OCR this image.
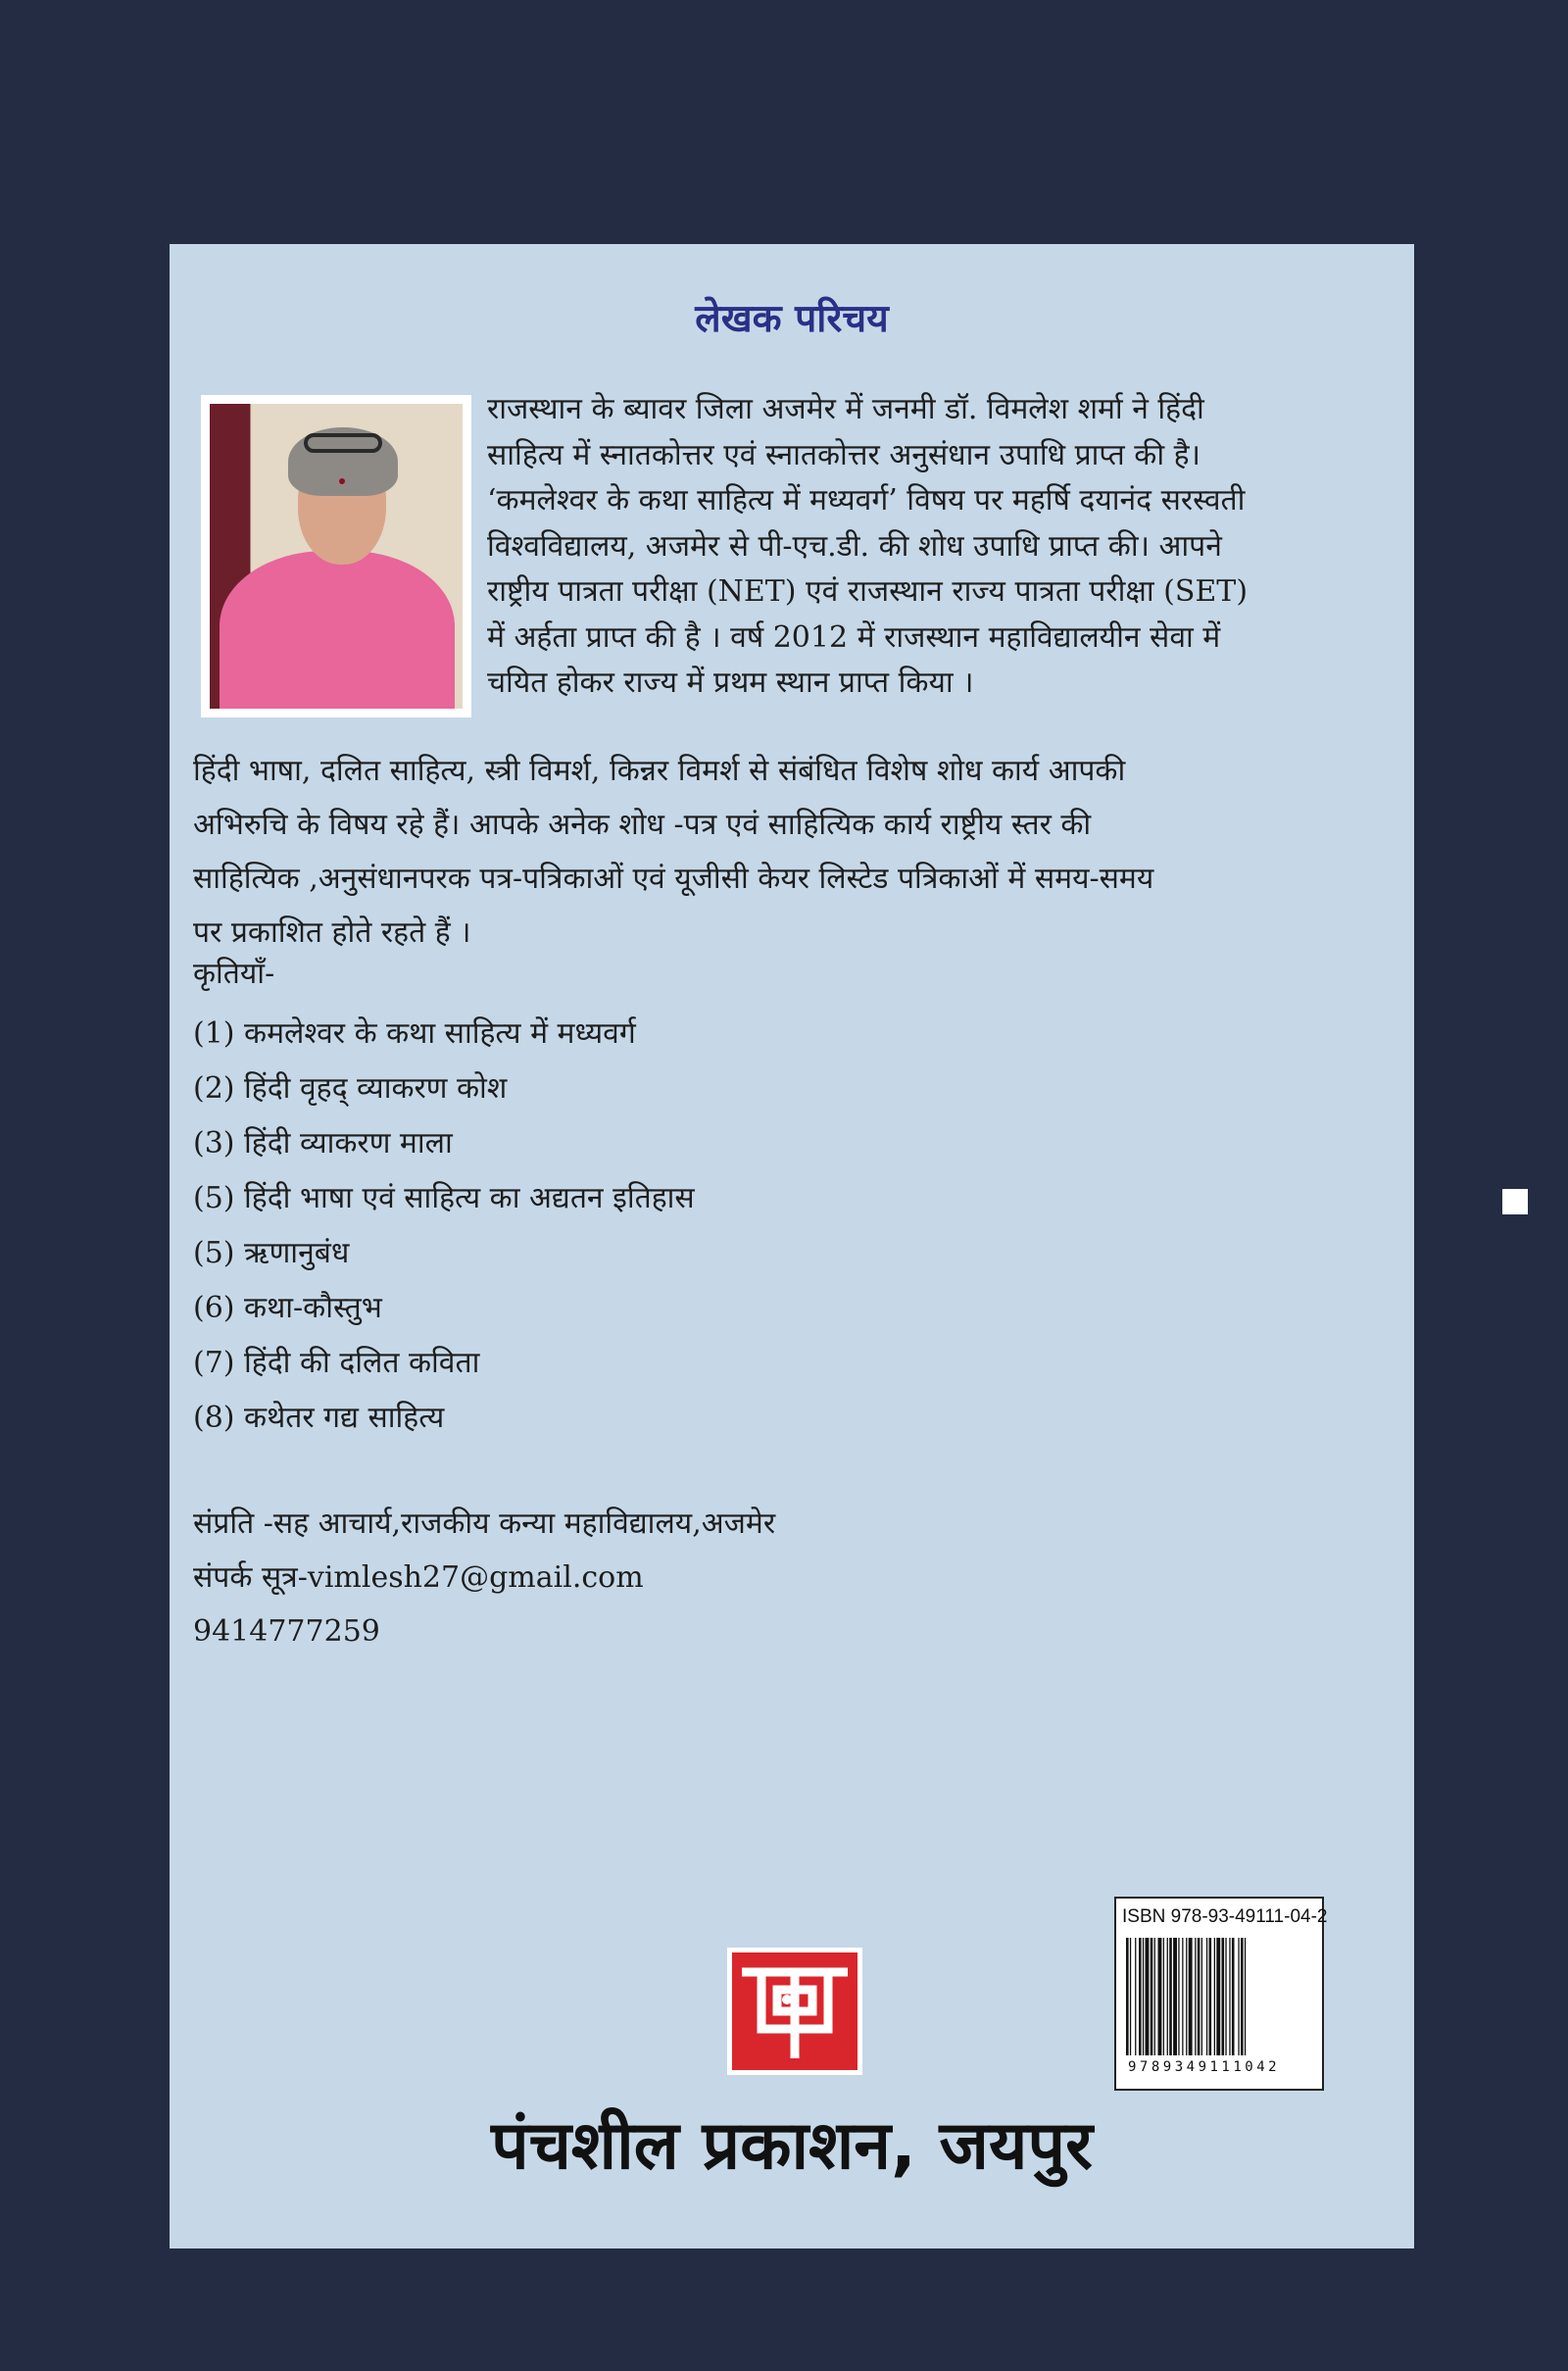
लेखक परिचय
राजस्थान के ब्यावर जिला अजमेर में जनमी डॉ. विमलेश शर्मा ने हिंदी
साहित्य में स्नातकोत्तर एवं स्नातकोत्तर अनुसंधान उपाधि प्राप्त की है।
‘कमलेश्वर के कथा साहित्य में मध्यवर्ग’ विषय पर महर्षि दयानंद सरस्वती
विश्वविद्यालय, अजमेर से पी-एच.डी. की शोध उपाधि प्राप्त की। आपने
राष्ट्रीय पात्रता परीक्षा (NET) एवं राजस्थान राज्य पात्रता परीक्षा (SET)
में अर्हता प्राप्त की है । वर्ष 2012 में राजस्थान महाविद्यालयीन सेवा में
चयित होकर राज्य में प्रथम स्थान प्राप्त किया ।
हिंदी भाषा, दलित साहित्य, स्त्री विमर्श, किन्नर विमर्श से संबंधित विशेष शोध कार्य आपकी
अभिरुचि के विषय रहे हैं। आपके अनेक शोध -पत्र एवं साहित्यिक कार्य राष्ट्रीय स्तर की
साहित्यिक ,अनुसंधानपरक पत्र-पत्रिकाओं एवं यूजीसी केयर लिस्टेड पत्रिकाओं में समय-समय
पर प्रकाशित होते रहते हैं ।
कृतियाँ-
(1) कमलेश्वर के कथा साहित्य में मध्यवर्ग
(2) हिंदी वृहद् व्याकरण कोश
(3) हिंदी व्याकरण माला
(5) हिंदी भाषा एवं साहित्य का अद्यतन इतिहास
(5) ऋणानुबंध
(6) कथा-कौस्तुभ
(7) हिंदी की दलित कविता
(8) कथेतर गद्य साहित्य
संप्रति -सह आचार्य,राजकीय कन्या महाविद्यालय,अजमेर
संपर्क सूत्र-vimlesh27@gmail.com
9414777259
ISBN 978-93-49111-04-2
9789349111042
पंचशील प्रकाशन, जयपुर
